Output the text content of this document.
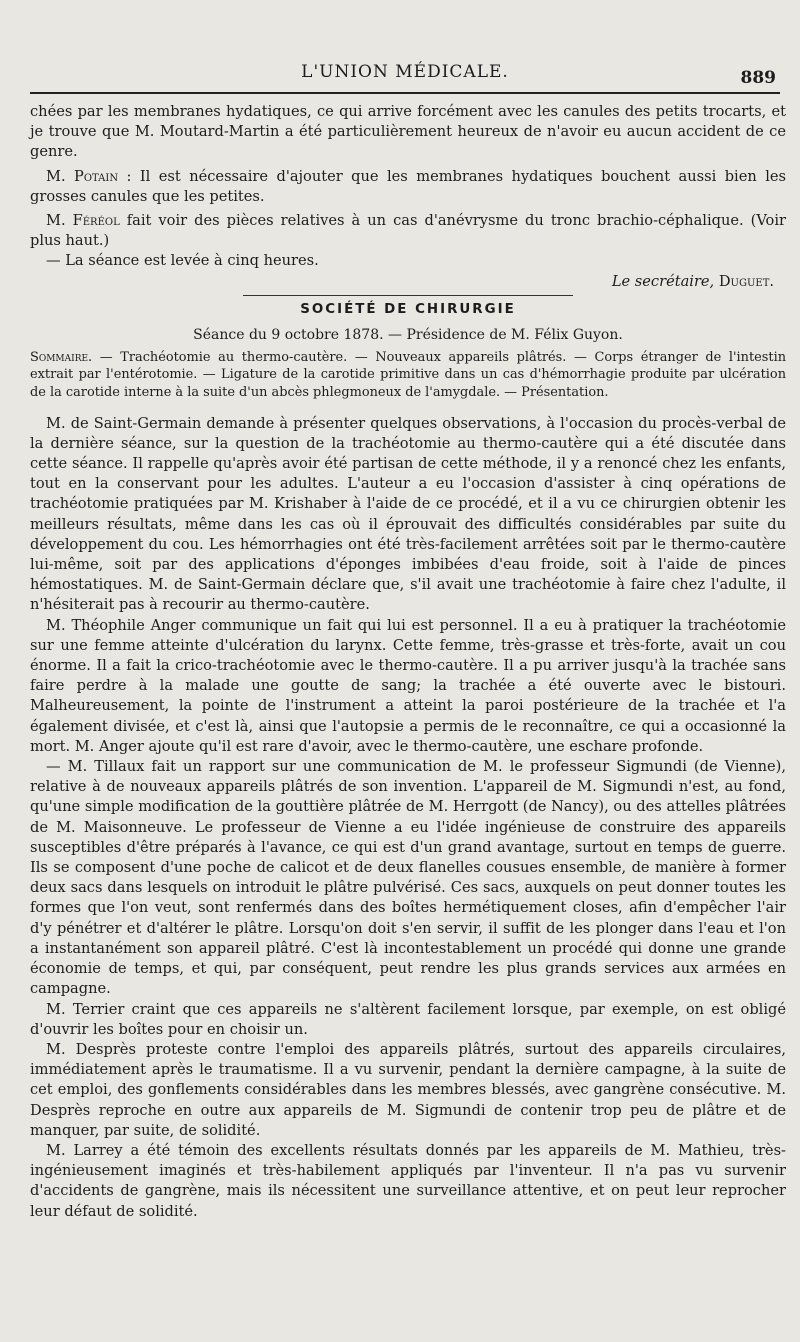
L'UNION MÉDICALE.	889

chées par les membranes hydatiques, ce qui arrive forcément avec les canules des petits trocarts, et je trouve que M. Moutard-Martin a été particulièrement heureux de n'avoir eu aucun accident de ce genre.

M. Potain : Il est nécessaire d'ajouter que les membranes hydatiques bouchent aussi bien les grosses canules que les petites.

M. Féréol fait voir des pièces relatives à un cas d'anévrysme du tronc brachio-céphalique. (Voir plus haut.)

— La séance est levée à cinq heures.

Le secrétaire, Duguet.

SOCIÉTÉ DE CHIRURGIE
Séance du 9 octobre 1878. — Présidence de M. Félix Guyon.
Sommaire. — Trachéotomie au thermo-cautère. — Nouveaux appareils plâtrés. — Corps étranger de l'intestin extrait par l'entérotomie. — Ligature de la carotide primitive dans un cas d'hémorrhagie produite par ulcération de la carotide interne à la suite d'un abcès phlegmoneux de l'amygdale. — Présentation.

M. de Saint-Germain demande à présenter quelques observations, à l'occasion du procès-verbal de la dernière séance, sur la question de la trachéotomie au thermo-cautère qui a été discutée dans cette séance. Il rappelle qu'après avoir été partisan de cette méthode, il y a renoncé chez les enfants, tout en la conservant pour les adultes. L'auteur a eu l'occasion d'assister à cinq opérations de trachéotomie pratiquées par M. Krishaber à l'aide de ce procédé, et il a vu ce chirurgien obtenir les meilleurs résultats, même dans les cas où il éprouvait des difficultés considérables par suite du développement du cou. Les hémorrhagies ont été très-facilement arrêtées soit par le thermo-cautère lui-même, soit par des applications d'éponges imbibées d'eau froide, soit à l'aide de pinces hémostatiques. M. de Saint-Germain déclare que, s'il avait une trachéotomie à faire chez l'adulte, il n'hésiterait pas à recourir au thermo-cautère.

M. Théophile Anger communique un fait qui lui est personnel. Il a eu à pratiquer la trachéotomie sur une femme atteinte d'ulcération du larynx. Cette femme, très-grasse et très-forte, avait un cou énorme. Il a fait la crico-trachéotomie avec le thermo-cautère. Il a pu arriver jusqu'à la trachée sans faire perdre à la malade une goutte de sang; la trachée a été ouverte avec le bistouri. Malheureusement, la pointe de l'instrument a atteint la paroi postérieure de la trachée et l'a également divisée, et c'est là, ainsi que l'autopsie a permis de le reconnaître, ce qui a occasionné la mort. M. Anger ajoute qu'il est rare d'avoir, avec le thermo-cautère, une eschare profonde.

— M. Tillaux fait un rapport sur une communication de M. le professeur Sigmundi (de Vienne), relative à de nouveaux appareils plâtrés de son invention. L'appareil de M. Sigmundi n'est, au fond, qu'une simple modification de la gouttière plâtrée de M. Herrgott (de Nancy), ou des attelles plâtrées de M. Maisonneuve. Le professeur de Vienne a eu l'idée ingénieuse de construire des appareils susceptibles d'être préparés à l'avance, ce qui est d'un grand avantage, surtout en temps de guerre. Ils se composent d'une poche de calicot et de deux flanelles cousues ensemble, de manière à former deux sacs dans lesquels on introduit le plâtre pulvérisé. Ces sacs, auxquels on peut donner toutes les formes que l'on veut, sont renfermés dans des boîtes hermétiquement closes, afin d'empêcher l'air d'y pénétrer et d'altérer le plâtre. Lorsqu'on doit s'en servir, il suffit de les plonger dans l'eau et l'on a instantanément son appareil plâtré. C'est là incontestablement un procédé qui donne une grande économie de temps, et qui, par conséquent, peut rendre les plus grands services aux armées en campagne.

M. Terrier craint que ces appareils ne s'altèrent facilement lorsque, par exemple, on est obligé d'ouvrir les boîtes pour en choisir un.

M. Desprès proteste contre l'emploi des appareils plâtrés, surtout des appareils circulaires, immédiatement après le traumatisme. Il a vu survenir, pendant la dernière campagne, à la suite de cet emploi, des gonflements considérables dans les membres blessés, avec gangrène consécutive. M. Desprès reproche en outre aux appareils de M. Sigmundi de contenir trop peu de plâtre et de manquer, par suite, de solidité.

M. Larrey a été témoin des excellents résultats donnés par les appareils de M. Mathieu, très-ingénieusement imaginés et très-habilement appliqués par l'inventeur. Il n'a pas vu survenir d'accidents de gangrène, mais ils nécessitent une surveillance attentive, et on peut leur reprocher leur défaut de solidité.
